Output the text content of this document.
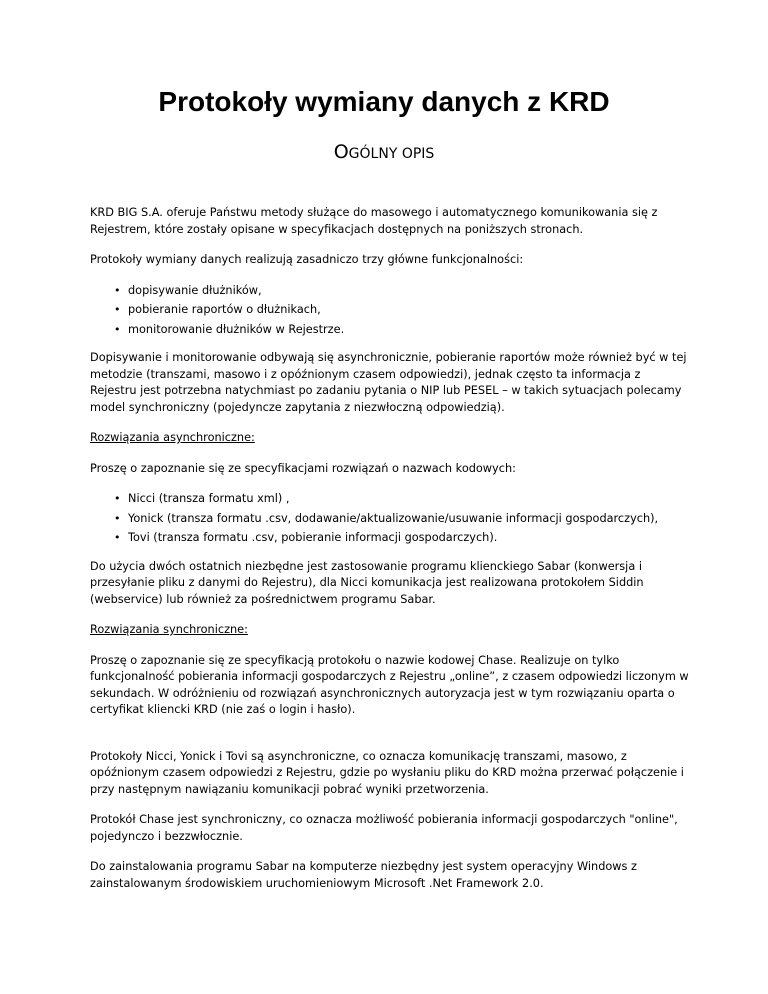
Protokoły wymiany danych z KRD
OGÓLNY OPIS

KRD BIG S.A. oferuje Państwu metody służące do masowego i automatycznego komunikowania się z Rejestrem, które zostały opisane w specyfikacjach dostępnych na poniższych stronach.

Protokoły wymiany danych realizują zasadniczo trzy główne funkcjonalności:

• dopisywanie dłużników,
• pobieranie raportów o dłużnikach,
• monitorowanie dłużników w Rejestrze.

Dopisywanie i monitorowanie odbywają się asynchronicznie, pobieranie raportów może również być w tej metodzie (transzami, masowo i z opóźnionym czasem odpowiedzi), jednak często ta informacja z Rejestru jest potrzebna natychmiast po zadaniu pytania o NIP lub PESEL – w takich sytuacjach polecamy model synchroniczny (pojedyncze zapytania z niezwłoczną odpowiedzią).

Rozwiązania asynchroniczne:

Proszę o zapoznanie się ze specyfikacjami rozwiązań o nazwach kodowych:

• Nicci (transza formatu xml) ,
• Yonick (transza formatu .csv, dodawanie/aktualizowanie/usuwanie informacji gospodarczych),
• Tovi (transza formatu .csv, pobieranie informacji gospodarczych).

Do użycia dwóch ostatnich niezbędne jest zastosowanie programu klienckiego Sabar (konwersja i przesyłanie pliku z danymi do Rejestru), dla Nicci komunikacja jest realizowana protokołem Siddin (webservice) lub również za pośrednictwem programu Sabar.

Rozwiązania synchroniczne:

Proszę o zapoznanie się ze specyfikacją protokołu o nazwie kodowej Chase. Realizuje on tylko funkcjonalność pobierania informacji gospodarczych z Rejestru „online”, z czasem odpowiedzi liczonym w sekundach. W odróżnieniu od rozwiązań asynchronicznych autoryzacja jest w tym rozwiązaniu oparta o certyfikat kliencki KRD (nie zaś o login i hasło).

Protokoły Nicci, Yonick i Tovi są asynchroniczne, co oznacza komunikację transzami, masowo, z opóźnionym czasem odpowiedzi z Rejestru, gdzie po wysłaniu pliku do KRD można przerwać połączenie i przy następnym nawiązaniu komunikacji pobrać wyniki przetworzenia.

Protokół Chase jest synchroniczny, co oznacza możliwość pobierania informacji gospodarczych "online", pojedynczo i bezzwłocznie.

Do zainstalowania programu Sabar na komputerze niezbędny jest system operacyjny Windows z zainstalowanym środowiskiem uruchomieniowym Microsoft .Net Framework 2.0.
